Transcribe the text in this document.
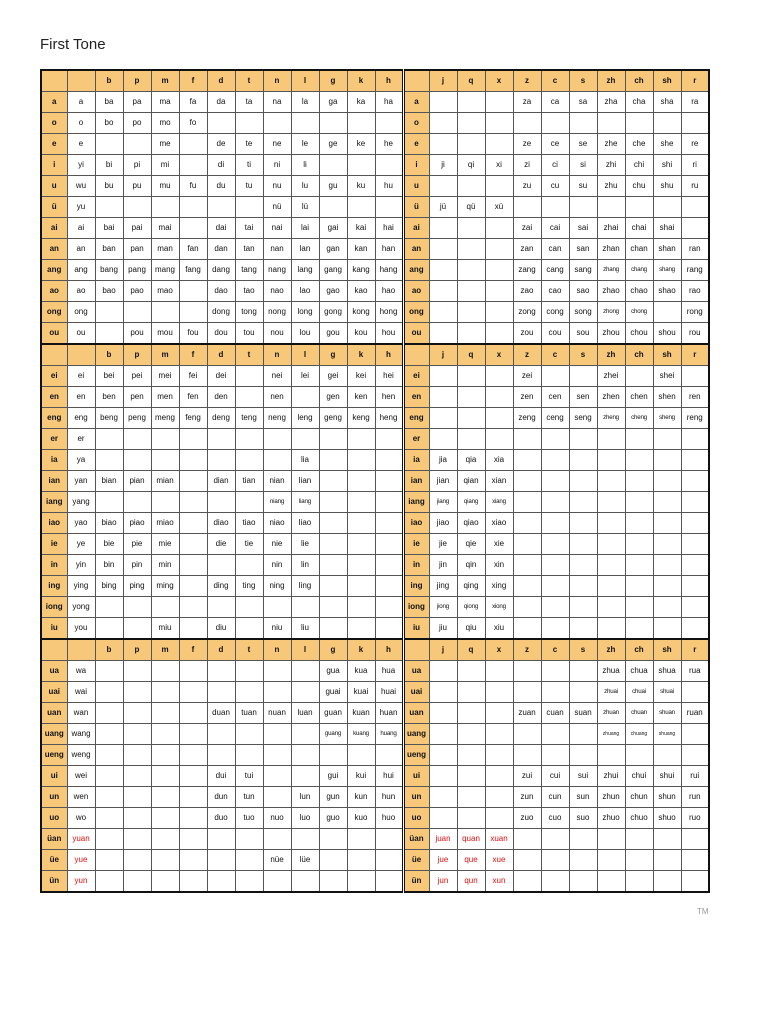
First Tone
		b	p	m	f	d	t	n	l	g	k	h		j	q	x	z	c	s	zh	ch	sh	r
a	a	ba	pa	ma	fa	da	ta	na	la	ga	ka	ha	a				za	ca	sa	zha	cha	sha	ra
o	o	bo	po	mo	fo								o										
e	e			me		de	te	ne	le	ge	ke	he	e				ze	ce	se	zhe	che	she	re
i	yi	bi	pi	mi		di	ti	ni	li				i	ji	qi	xi	zi	ci	si	zhi	chi	shi	ri
u	wu	bu	pu	mu	fu	du	tu	nu	lu	gu	ku	hu	u				zu	cu	su	zhu	chu	shu	ru
ü	yu							nü	lü				ü	jü	qü	xü							
ai	ai	bai	pai	mai		dai	tai	nai	lai	gai	kai	hai	ai				zai	cai	sai	zhai	chai	shai	
an	an	ban	pan	man	fan	dan	tan	nan	lan	gan	kan	han	an				zan	can	san	zhan	chan	shan	ran
ang	ang	bang	pang	mang	fang	dang	tang	nang	lang	gang	kang	hang	ang				zang	cang	sang	zhang	chang	shang	rang
ao	ao	bao	pao	mao		dao	tao	nao	lao	gao	kao	hao	ao				zao	cao	sao	zhao	chao	shao	rao
ong	ong					dong	tong	nong	long	gong	kong	hong	ong				zong	cong	song	zhong	chong		rong
ou	ou		pou	mou	fou	dou	tou	nou	lou	gou	kou	hou	ou				zou	cou	sou	zhou	chou	shou	rou
		b	p	m	f	d	t	n	l	g	k	h		j	q	x	z	c	s	zh	ch	sh	r
ei	ei	bei	pei	mei	fei	dei		nei	lei	gei	kei	hei	ei				zei			zhei		shei	
en	en	ben	pen	men	fen	den		nen		gen	ken	hen	en				zen	cen	sen	zhen	chen	shen	ren
eng	eng	beng	peng	meng	feng	deng	teng	neng	leng	geng	keng	heng	eng				zeng	ceng	seng	zheng	cheng	sheng	reng
er	er												er										
ia	ya								lia				ia	jia	qia	xia							
ian	yan	bian	pian	mian		dian	tian	nian	lian				ian	jian	qian	xian							
iang	yang							niang	liang				iang	jiang	qiang	xiang							
iao	yao	biao	piao	miao		diao	tiao	niao	liao				iao	jiao	qiao	xiao							
ie	ye	bie	pie	mie		die	tie	nie	lie				ie	jie	qie	xie							
in	yin	bin	pin	min				nin	lin				in	jin	qin	xin							
ing	ying	bing	ping	ming		ding	ting	ning	ling				ing	jing	qing	xing							
iong	yong												iong	jiong	qiong	xiong							
iu	you			miu		diu		niu	liu				iu	jiu	qiu	xiu							
		b	p	m	f	d	t	n	l	g	k	h		j	q	x	z	c	s	zh	ch	sh	r
ua	wa									gua	kua	hua	ua							zhua	chua	shua	rua
uai	wai									guai	kuai	huai	uai							zhuai	chuai	shuai	
uan	wan					duan	tuan	nuan	luan	guan	kuan	huan	uan				zuan	cuan	suan	zhuan	chuan	shuan	ruan
uang	wang									guang	kuang	huang	uang							zhuang	chuang	shuang	
ueng	weng												ueng										
ui	wei					dui	tui			gui	kui	hui	ui				zui	cui	sui	zhui	chui	shui	rui
un	wen					dun	tun		lun	gun	kun	hun	un				zun	cun	sun	zhun	chun	shun	run
uo	wo					duo	tuo	nuo	luo	guo	kuo	huo	uo				zuo	cuo	suo	zhuo	chuo	shuo	ruo
üan	yuan												üan	juan	quan	xuan							
üe	yue							nüe	lüe				üe	jue	que	xue							
ün	yun												ün	jun	qun	xun							
TM
